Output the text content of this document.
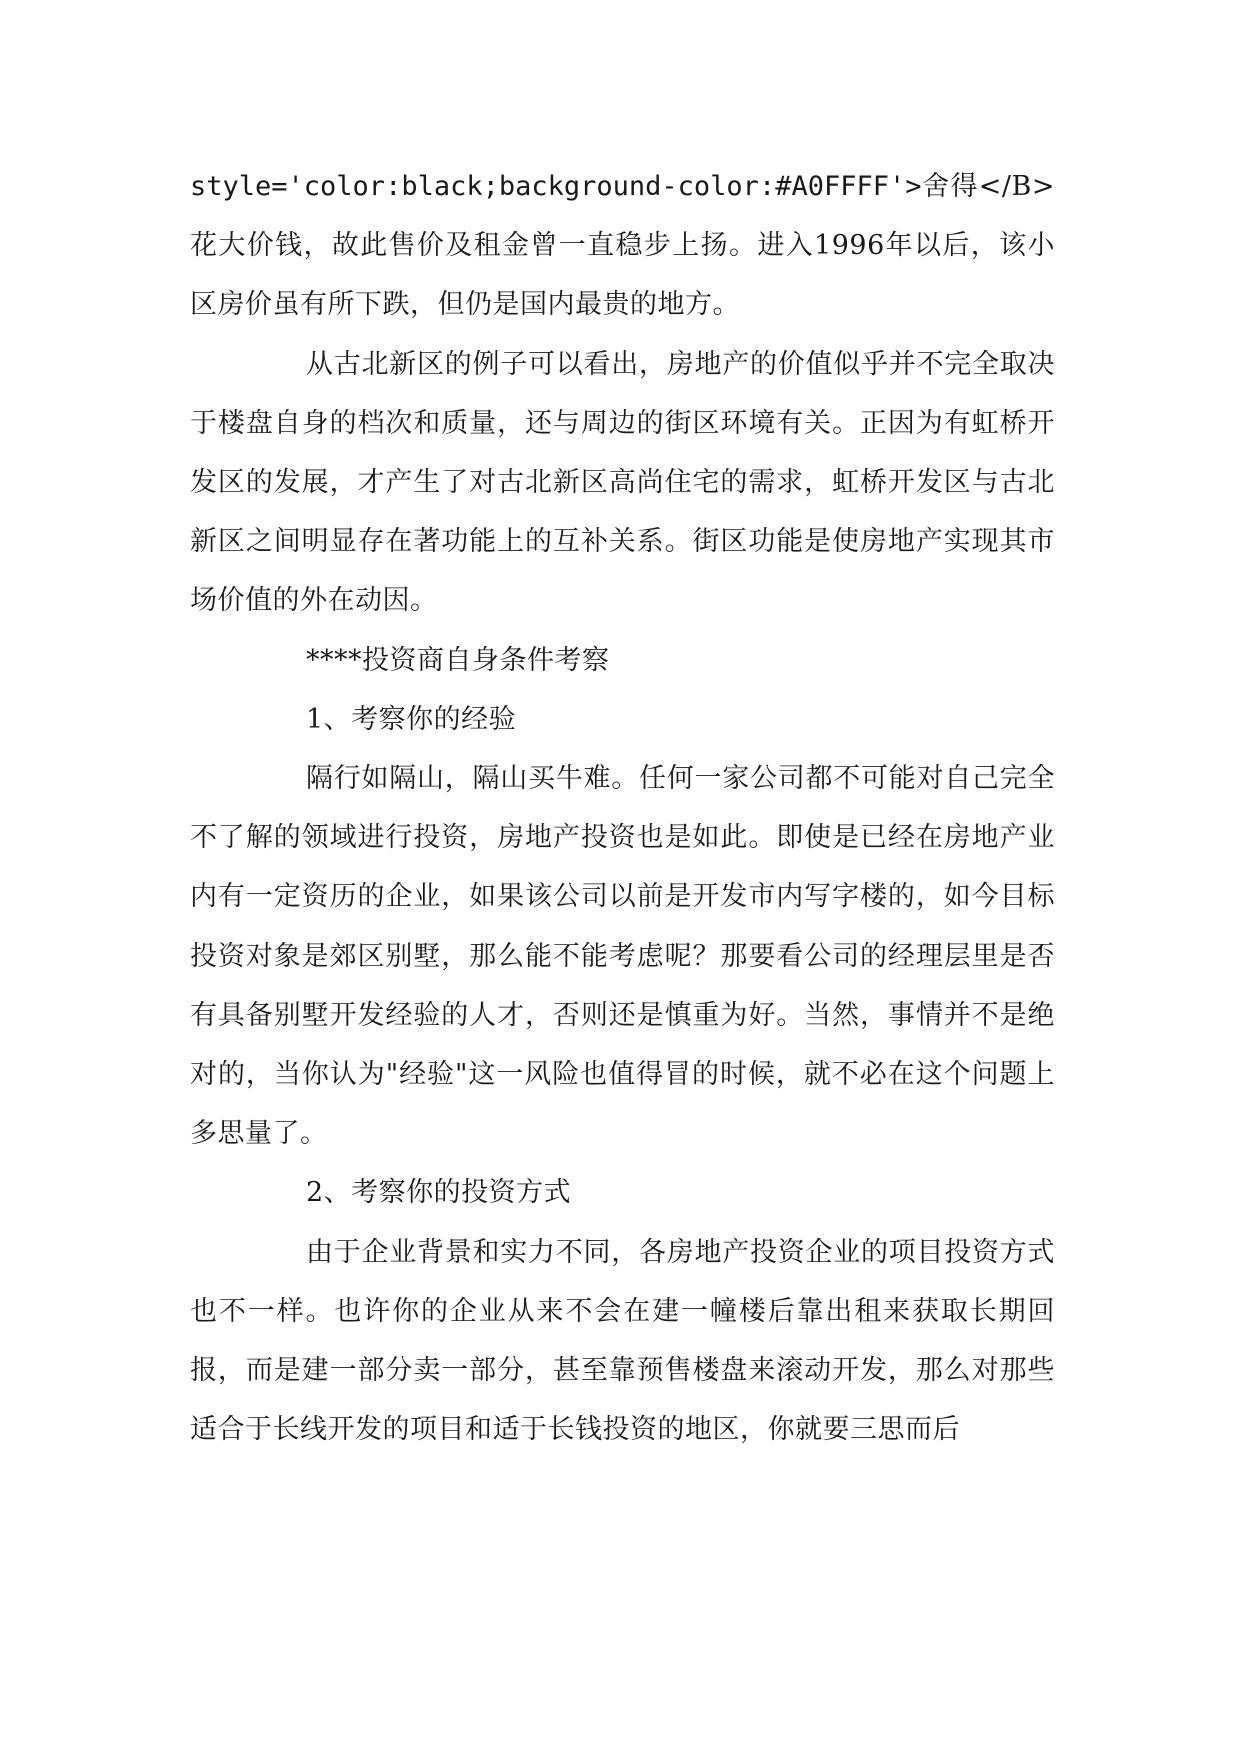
style='color:black;background-color:#A0FFFF'>舍得</B>花大价钱，故此售价及租金曾一直稳步上扬。进入1996年以后，该小区房价虽有所下跌，但仍是国内最贵的地方。

从古北新区的例子可以看出，房地产的价值似乎并不完全取决于楼盘自身的档次和质量，还与周边的街区环境有关。正因为有虹桥开发区的发展，才产生了对古北新区高尚住宅的需求，虹桥开发区与古北新区之间明显存在著功能上的互补关系。街区功能是使房地产实现其市场价值的外在动因。

****投资商自身条件考察

1、考察你的经验

隔行如隔山，隔山买牛难。任何一家公司都不可能对自己完全不了解的领域进行投资，房地产投资也是如此。即使是已经在房地产业内有一定资历的企业，如果该公司以前是开发市内写字楼的，如今目标投资对象是郊区别墅，那么能不能考虑呢？那要看公司的经理层里是否有具备别墅开发经验的人才，否则还是慎重为好。当然，事情并不是绝对的，当你认为"经验"这一风险也值得冒的时候，就不必在这个问题上多思量了。

2、考察你的投资方式

由于企业背景和实力不同，各房地产投资企业的项目投资方式也不一样。也许你的企业从来不会在建一幢楼后靠出租来获取长期回报，而是建一部分卖一部分，甚至靠预售楼盘来滚动开发，那么对那些适合于长线开发的项目和适于长钱投资的地区，你就要三思而后
